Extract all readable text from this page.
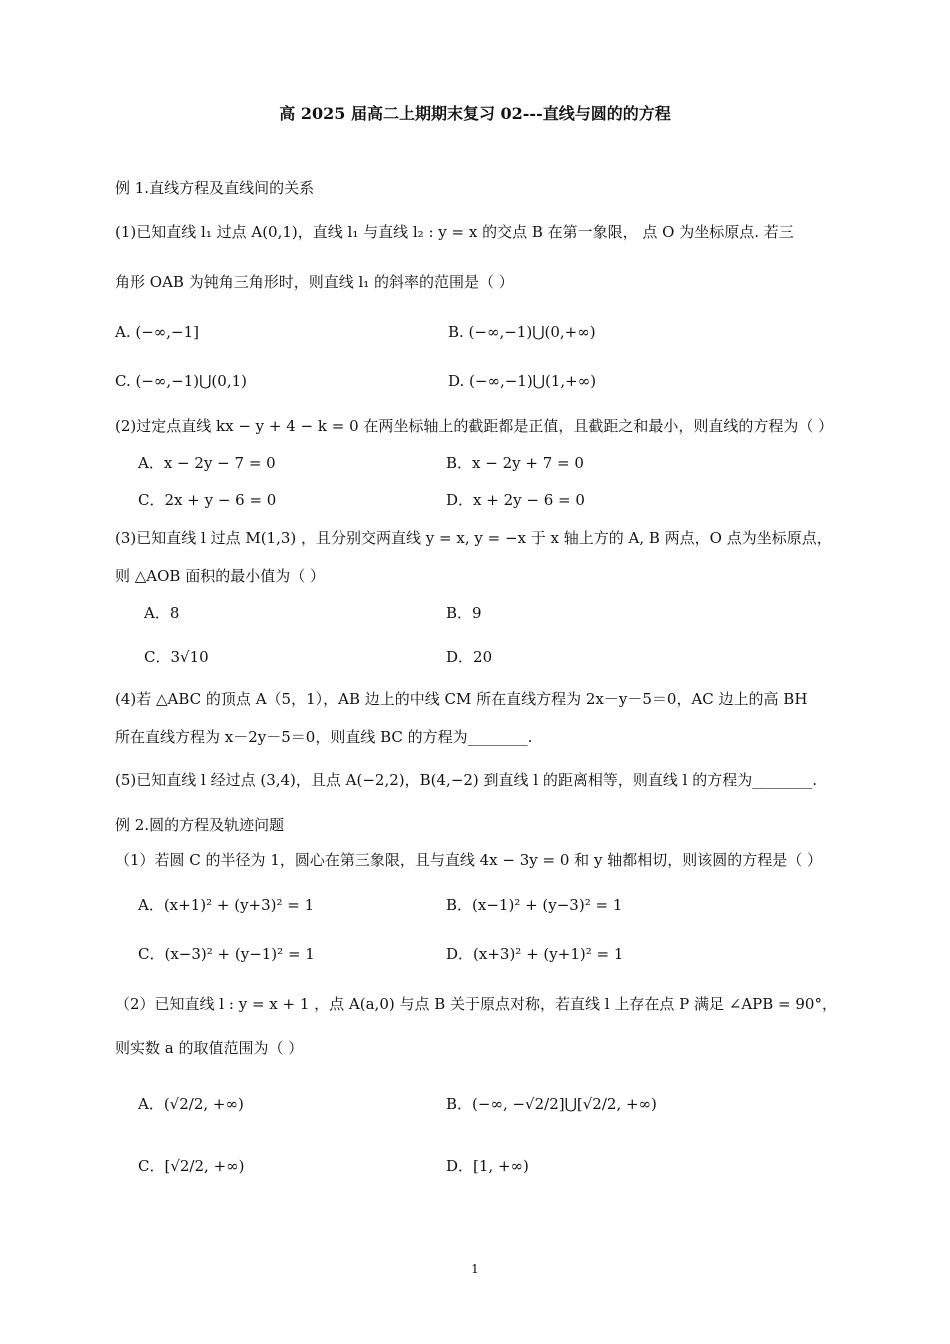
高 2025 届高二上期期末复习 02---直线与圆的的方程
例 1.直线方程及直线间的关系
(1)已知直线 l₁ 过点 A(0,1)，直线 l₁ 与直线 l₂ : y = x 的交点 B 在第一象限， 点 O 为坐标原点. 若三
角形 OAB 为钝角三角形时，则直线 l₁ 的斜率的范围是（ ）
A. (−∞,−1]	B. (−∞,−1)⋃(0,+∞)
C. (−∞,−1)⋃(0,1)	D. (−∞,−1)⋃(1,+∞)
(2)过定点直线 kx − y + 4 − k = 0 在两坐标轴上的截距都是正值，且截距之和最小，则直线的方程为（ ）
A．x − 2y − 7 = 0	B．x − 2y + 7 = 0
C．2x + y − 6 = 0	D．x + 2y − 6 = 0
(3)已知直线 l 过点 M(1,3) ，且分别交两直线 y = x, y = −x 于 x 轴上方的 A, B 两点，O 点为坐标原点，
则 △AOB 面积的最小值为（ ）
A．8	B．9
C．3√10	D．20
(4)若 △ABC 的顶点 A（5，1），AB 边上的中线 CM 所在直线方程为 2x－y－5＝0，AC 边上的高 BH
所在直线方程为 x－2y－5＝0，则直线 BC 的方程为________.
(5)已知直线 l 经过点 (3,4)，且点 A(−2,2)，B(4,−2) 到直线 l 的距离相等，则直线 l 的方程为________.
例 2.圆的方程及轨迹问题
（1）若圆 C 的半径为 1，圆心在第三象限，且与直线 4x − 3y = 0 和 y 轴都相切，则该圆的方程是（ ）
A．(x+1)² + (y+3)² = 1	B．(x−1)² + (y−3)² = 1
C．(x−3)² + (y−1)² = 1	D．(x+3)² + (y+1)² = 1
（2）已知直线 l : y = x + 1 ，点 A(a,0) 与点 B 关于原点对称，若直线 l 上存在点 P 满足 ∠APB = 90°，
则实数 a 的取值范围为（ ）
A．(√2/2, +∞)	B．(−∞, −√2/2]⋃[√2/2, +∞)
C．[√2/2, +∞)	D．[1, +∞)
1
